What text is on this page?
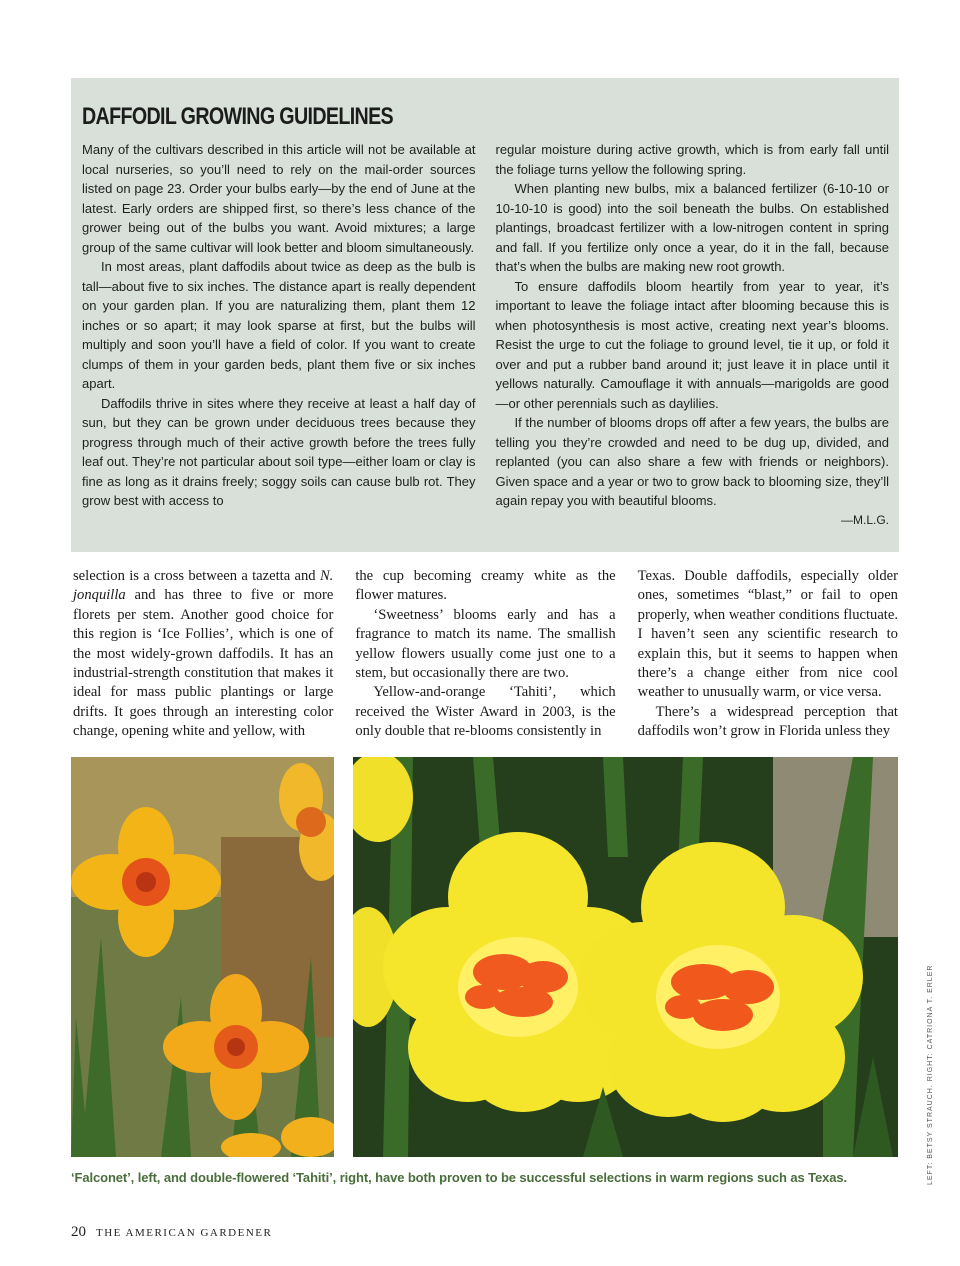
DAFFODIL GROWING GUIDELINES

Many of the cultivars described in this article will not be available at local nurseries, so you’ll need to rely on the mail-order sources listed on page 23. Order your bulbs early—by the end of June at the latest. Early orders are shipped first, so there’s less chance of the grower being out of the bulbs you want. Avoid mixtures; a large group of the same cultivar will look better and bloom simultaneously.

In most areas, plant daffodils about twice as deep as the bulb is tall—about five to six inches. The distance apart is really dependent on your garden plan. If you are naturalizing them, plant them 12 inches or so apart; it may look sparse at first, but the bulbs will multiply and soon you’ll have a field of color. If you want to create clumps of them in your garden beds, plant them five or six inches apart.

Daffodils thrive in sites where they receive at least a half day of sun, but they can be grown under deciduous trees because they progress through much of their active growth before the trees fully leaf out. They’re not particular about soil type—either loam or clay is fine as long as it drains freely; soggy soils can cause bulb rot. They grow best with access to

regular moisture during active growth, which is from early fall until the foliage turns yellow the following spring.

When planting new bulbs, mix a balanced fertilizer (6-10-10 or 10-10-10 is good) into the soil beneath the bulbs. On established plantings, broadcast fertilizer with a low-nitrogen content in spring and fall. If you fertilize only once a year, do it in the fall, because that’s when the bulbs are making new root growth.

To ensure daffodils bloom heartily from year to year, it’s important to leave the foliage intact after blooming because this is when photosynthesis is most active, creating next year’s blooms. Resist the urge to cut the foliage to ground level, tie it up, or fold it over and put a rubber band around it; just leave it in place until it yellows naturally. Camouflage it with annuals—marigolds are good—or other perennials such as daylilies.

If the number of blooms drops off after a few years, the bulbs are telling you they’re crowded and need to be dug up, divided, and replanted (you can also share a few with friends or neighbors). Given space and a year or two to grow back to blooming size, they’ll again repay you with beautiful blooms.

—M.L.G.

selection is a cross between a tazetta and N. jonquilla and has three to five or more florets per stem. Another good choice for this region is ‘Ice Follies’, which is one of the most widely-grown daffodils. It has an industrial-strength constitution that makes it ideal for mass public plantings or large drifts. It goes through an interesting color change, opening white and yellow, with

the cup becoming creamy white as the flower matures.

‘Sweetness’ blooms early and has a fragrance to match its name. The smallish yellow flowers usually come just one to a stem, but occasionally there are two.

Yellow-and-orange ‘Tahiti’, which received the Wister Award in 2003, is the only double that re-blooms consistently in

Texas. Double daffodils, especially older ones, sometimes “blast,” or fail to open properly, when weather conditions fluctuate. I haven’t seen any scientific research to explain this, but it seems to happen when there’s a change either from nice cool weather to unusually warm, or vice versa.

There’s a widespread perception that daffodils won’t grow in Florida unless they

‘Falconet’, left, and double-flowered ‘Tahiti’, right, have both proven to be successful selections in warm regions such as Texas.	LEFT: BETSY STRAUCH. RIGHT: CATRIONA T. ERLER
20 THE AMERICAN GARDENER
